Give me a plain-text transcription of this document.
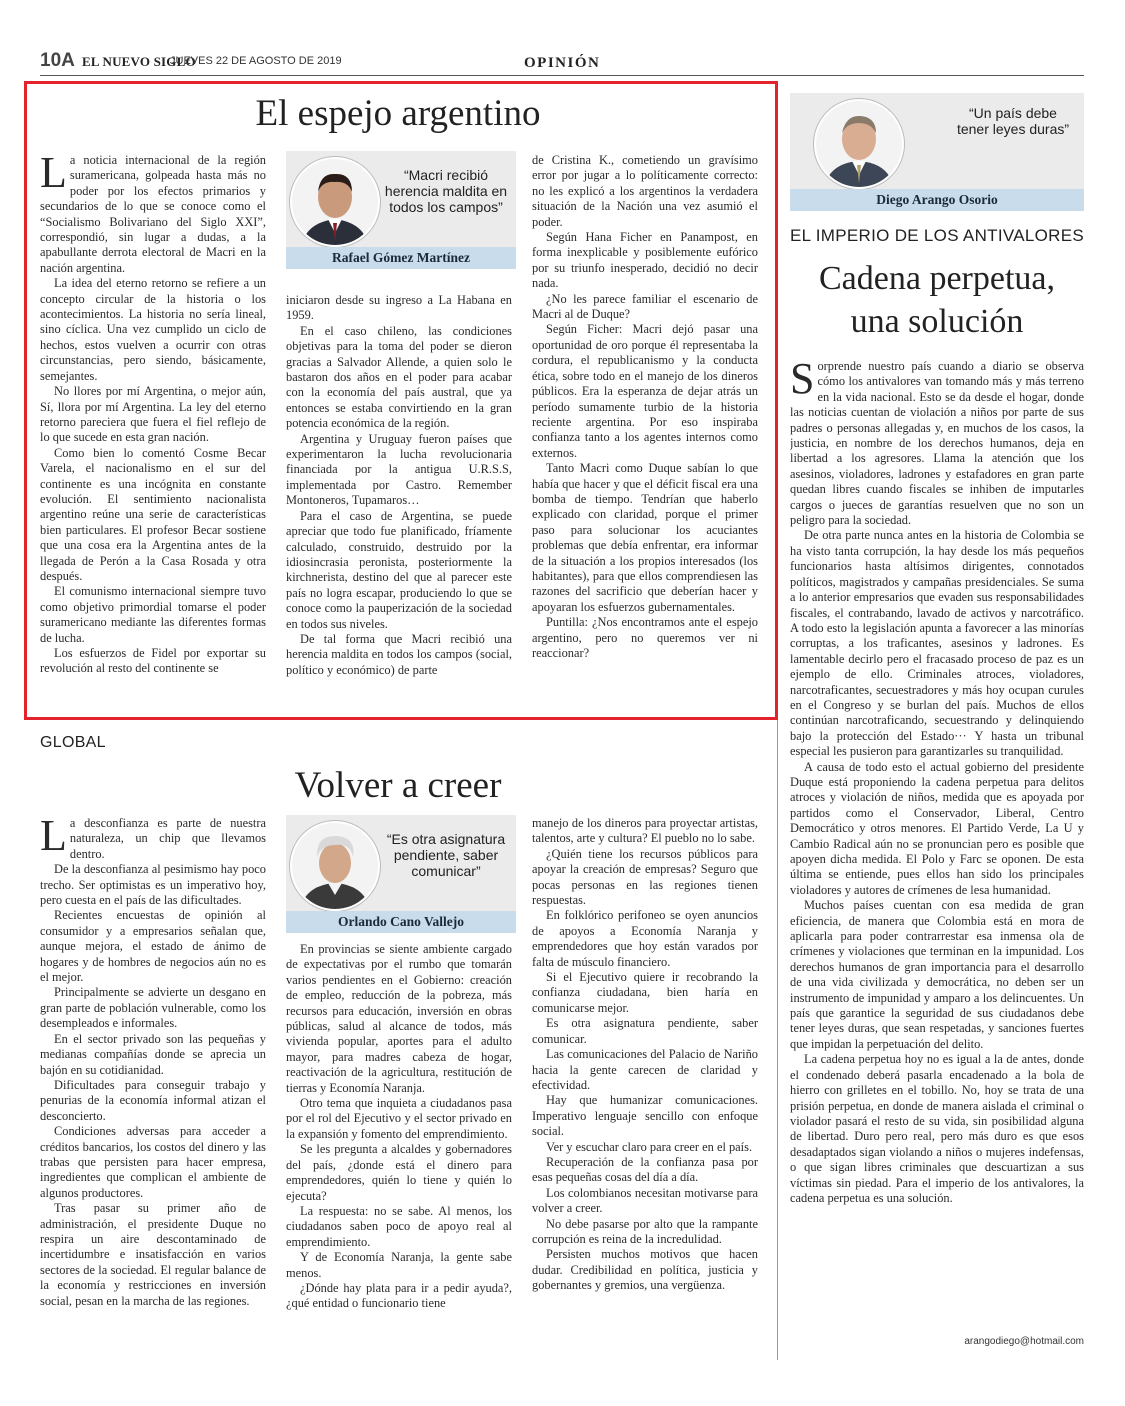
10A EL NUEVO SIGLO
JUEVES 22 DE AGOSTO DE 2019	OPINIÓN
El espejo argentino

La noticia internacional de la región suramericana, golpeada hasta más no poder por los efectos primarios y secundarios de lo que se conoce como el “Socialismo Bolivariano del Siglo XXI”, correspondió, sin lugar a dudas, a la apabullante derrota electoral de Macri en la nación argentina.

La idea del eterno retorno se refiere a un concepto circular de la historia o los acontecimientos. La historia no sería lineal, sino cíclica. Una vez cumplido un ciclo de hechos, estos vuelven a ocurrir con otras circunstancias, pero siendo, básicamente, semejantes.

No llores por mí Argentina, o mejor aún, Sí, llora por mí Argentina. La ley del eterno retorno pareciera que fuera el fiel reflejo de lo que sucede en esta gran nación.

Como bien lo comentó Cosme Becar Varela, el nacionalismo en el sur del continente es una incógnita en constante evolución. El sentimiento nacionalista argentino reúne una serie de características bien particulares. El profesor Becar sostiene que una cosa era la Argentina antes de la llegada de Perón a la Casa Rosada y otra después.

El comunismo internacional siempre tuvo como objetivo primordial tomarse el poder suramericano mediante las diferentes formas de lucha.

Los esfuerzos de Fidel por exportar su revolución al resto del continente se

“Macri recibió herencia maldita en todos los campos”
Rafael Gómez Martínez

iniciaron desde su ingreso a La Habana en 1959.

En el caso chileno, las condiciones objetivas para la toma del poder se dieron gracias a Salvador Allende, a quien solo le bastaron dos años en el poder para acabar con la economía del país austral, que ya entonces se estaba convirtiendo en la gran potencia económica de la región.

Argentina y Uruguay fueron países que experimentaron la lucha revolucionaria financiada por la antigua U.R.S.S, implementada por Castro. Remember Montoneros, Tupamaros…

Para el caso de Argentina, se puede apreciar que todo fue planificado, fríamente calculado, construido, destruido por la idiosincrasia peronista, posteriormente la kirchnerista, destino del que al parecer este país no logra escapar, produciendo lo que se conoce como la pauperización de la sociedad en todos sus niveles.

De tal forma que Macri recibió una herencia maldita en todos los campos (social, político y económico) de parte

de Cristina K., cometiendo un gravísimo error por jugar a lo políticamente correcto: no les explicó a los argentinos la verdadera situación de la Nación una vez asumió el poder.

Según Hana Ficher en Panampost, en forma inexplicable y posiblemente eufórico por su triunfo inesperado, decidió no decir nada.

¿No les parece familiar el escenario de Macri al de Duque?

Según Ficher: Macri dejó pasar una oportunidad de oro porque él representaba la cordura, el republicanismo y la conducta ética, sobre todo en el manejo de los dineros públicos. Era la esperanza de dejar atrás un período sumamente turbio de la historia reciente argentina. Por eso inspiraba confianza tanto a los agentes internos como externos.

Tanto Macri como Duque sabían lo que había que hacer y que el déficit fiscal era una bomba de tiempo. Tendrían que haberlo explicado con claridad, porque el primer paso para solucionar los acuciantes problemas que debía enfrentar, era informar de la situación a los propios interesados (los habitantes), para que ellos comprendiesen las razones del sacrificio que deberían hacer y apoyaran los esfuerzos gubernamentales.

Puntilla: ¿Nos encontramos ante el espejo argentino, pero no queremos ver ni reaccionar?

GLOBAL
Volver a creer

La desconfianza es parte de nuestra naturaleza, un chip que llevamos dentro.

De la desconfianza al pesimismo hay poco trecho. Ser optimistas es un imperativo hoy, pero cuesta en el país de las dificultades.

Recientes encuestas de opinión al consumidor y a empresarios señalan que, aunque mejora, el estado de ánimo de hogares y de hombres de negocios aún no es el mejor.

Principalmente se advierte un desgano en gran parte de población vulnerable, como los desempleados e informales.

En el sector privado son las pequeñas y medianas compañías donde se aprecia un bajón en su cotidianidad.

Dificultades para conseguir trabajo y penurias de la economía informal atizan el desconcierto.

Condiciones adversas para acceder a créditos bancarios, los costos del dinero y las trabas que persisten para hacer empresa, ingredientes que complican el ambiente de algunos productores.

Tras pasar su primer año de administración, el presidente Duque no respira un aire descontaminado de incertidumbre e insatisfacción en varios sectores de la sociedad. El regular balance de la economía y restricciones en inversión social, pesan en la marcha de las regiones.

“Es otra asignatura pendiente, saber comunicar”
Orlando Cano Vallejo

En provincias se siente ambiente cargado de expectativas por el rumbo que tomarán varios pendientes en el Gobierno: creación de empleo, reducción de la pobreza, más recursos para educación, inversión en obras públicas, salud al alcance de todos, más vivienda popular, aportes para el adulto mayor, para madres cabeza de hogar, reactivación de la agricultura, restitución de tierras y Economía Naranja.

Otro tema que inquieta a ciudadanos pasa por el rol del Ejecutivo y el sector privado en la expansión y fomento del emprendimiento.

Se les pregunta a alcaldes y gobernadores del país, ¿donde está el dinero para emprendedores, quién lo tiene y quién lo ejecuta?

La respuesta: no se sabe. Al menos, los ciudadanos saben poco de apoyo real al emprendimiento.

Y de Economía Naranja, la gente sabe menos.

¿Dónde hay plata para ir a pedir ayuda?, ¿qué entidad o funcionario tiene

manejo de los dineros para proyectar artistas, talentos, arte y cultura? El pueblo no lo sabe.

¿Quién tiene los recursos públicos para apoyar la creación de empresas? Seguro que pocas personas en las regiones tienen respuestas.

En folklórico perifoneo se oyen anuncios de apoyos a Economía Naranja y emprendedores que hoy están varados por falta de músculo financiero.

Si el Ejecutivo quiere ir recobrando la confianza ciudadana, bien haría en comunicarse mejor.

Es otra asignatura pendiente, saber comunicar.

Las comunicaciones del Palacio de Nariño hacia la gente carecen de claridad y efectividad.

Hay que humanizar comunicaciones. Imperativo lenguaje sencillo con enfoque social.

Ver y escuchar claro para creer en el país.

Recuperación de la confianza pasa por esas pequeñas cosas del día a día.

Los colombianos necesitan motivarse para volver a creer.

No debe pasarse por alto que la rampante corrupción es reina de la incredulidad.

Persisten muchos motivos que hacen dudar. Credibilidad en política, justicia y gobernantes y gremios, una vergüenza.

“Un país debe tener leyes duras”
Diego Arango Osorio
EL IMPERIO DE LOS ANTIVALORES
Cadena perpetua,
una solución

Sorprende nuestro país cuando a diario se observa cómo los antivalores van tomando más y más terreno en la vida nacional. Esto se da desde el hogar, donde las noticias cuentan de violación a niños por parte de sus padres o personas allegadas y, en muchos de los casos, la justicia, en nombre de los derechos humanos, deja en libertad a los agresores. Llama la atención que los asesinos, violadores, ladrones y estafadores en gran parte quedan libres cuando fiscales se inhiben de imputarles cargos o jueces de garantías resuelven que no son un peligro para la sociedad.

De otra parte nunca antes en la historia de Colombia se ha visto tanta corrupción, la hay desde los más pequeños funcionarios hasta altísimos dirigentes, connotados políticos, magistrados y campañas presidenciales. Se suma a lo anterior empresarios que evaden sus responsabilidades fiscales, el contrabando, lavado de activos y narcotráfico. A todo esto la legislación apunta a favorecer a las minorías corruptas, a los traficantes, asesinos y ladrones. Es lamentable decirlo pero el fracasado proceso de paz es un ejemplo de ello. Criminales atroces, violadores, narcotraficantes, secuestradores y más hoy ocupan curules en el Congreso y se burlan del país. Muchos de ellos continúan narcotraficando, secuestrando y delinquiendo bajo la protección del Estado··· Y hasta un tribunal especial les pusieron para garantizarles su tranquilidad.

A causa de todo esto el actual gobierno del presidente Duque está proponiendo la cadena perpetua para delitos atroces y violación de niños, medida que es apoyada por partidos como el Conservador, Liberal, Centro Democrático y otros menores. El Partido Verde, La U y Cambio Radical aún no se pronuncian pero es posible que apoyen dicha medida. El Polo y Farc se oponen. De esta última se entiende, pues ellos han sido los principales violadores y autores de crímenes de lesa humanidad.

Muchos países cuentan con esa medida de gran eficiencia, de manera que Colombia está en mora de aplicarla para poder contrarrestar esa inmensa ola de crímenes y violaciones que terminan en la impunidad. Los derechos humanos de gran importancia para el desarrollo de una vida civilizada y democrática, no deben ser un instrumento de impunidad y amparo a los delincuentes. Un país que garantice la seguridad de sus ciudadanos debe tener leyes duras, que sean respetadas, y sanciones fuertes que impidan la perpetuación del delito.

La cadena perpetua hoy no es igual a la de antes, donde el condenado deberá pasarla encadenado a la bola de hierro con grilletes en el tobillo. No, hoy se trata de una prisión perpetua, en donde de manera aislada el criminal o violador pasará el resto de su vida, sin posibilidad alguna de libertad. Duro pero real, pero más duro es que esos desadaptados sigan violando a niños o mujeres indefensas, o que sigan libres criminales que descuartizan a sus víctimas sin piedad. Para el imperio de los antivalores, la cadena perpetua es una solución.

arangodiego@hotmail.com
